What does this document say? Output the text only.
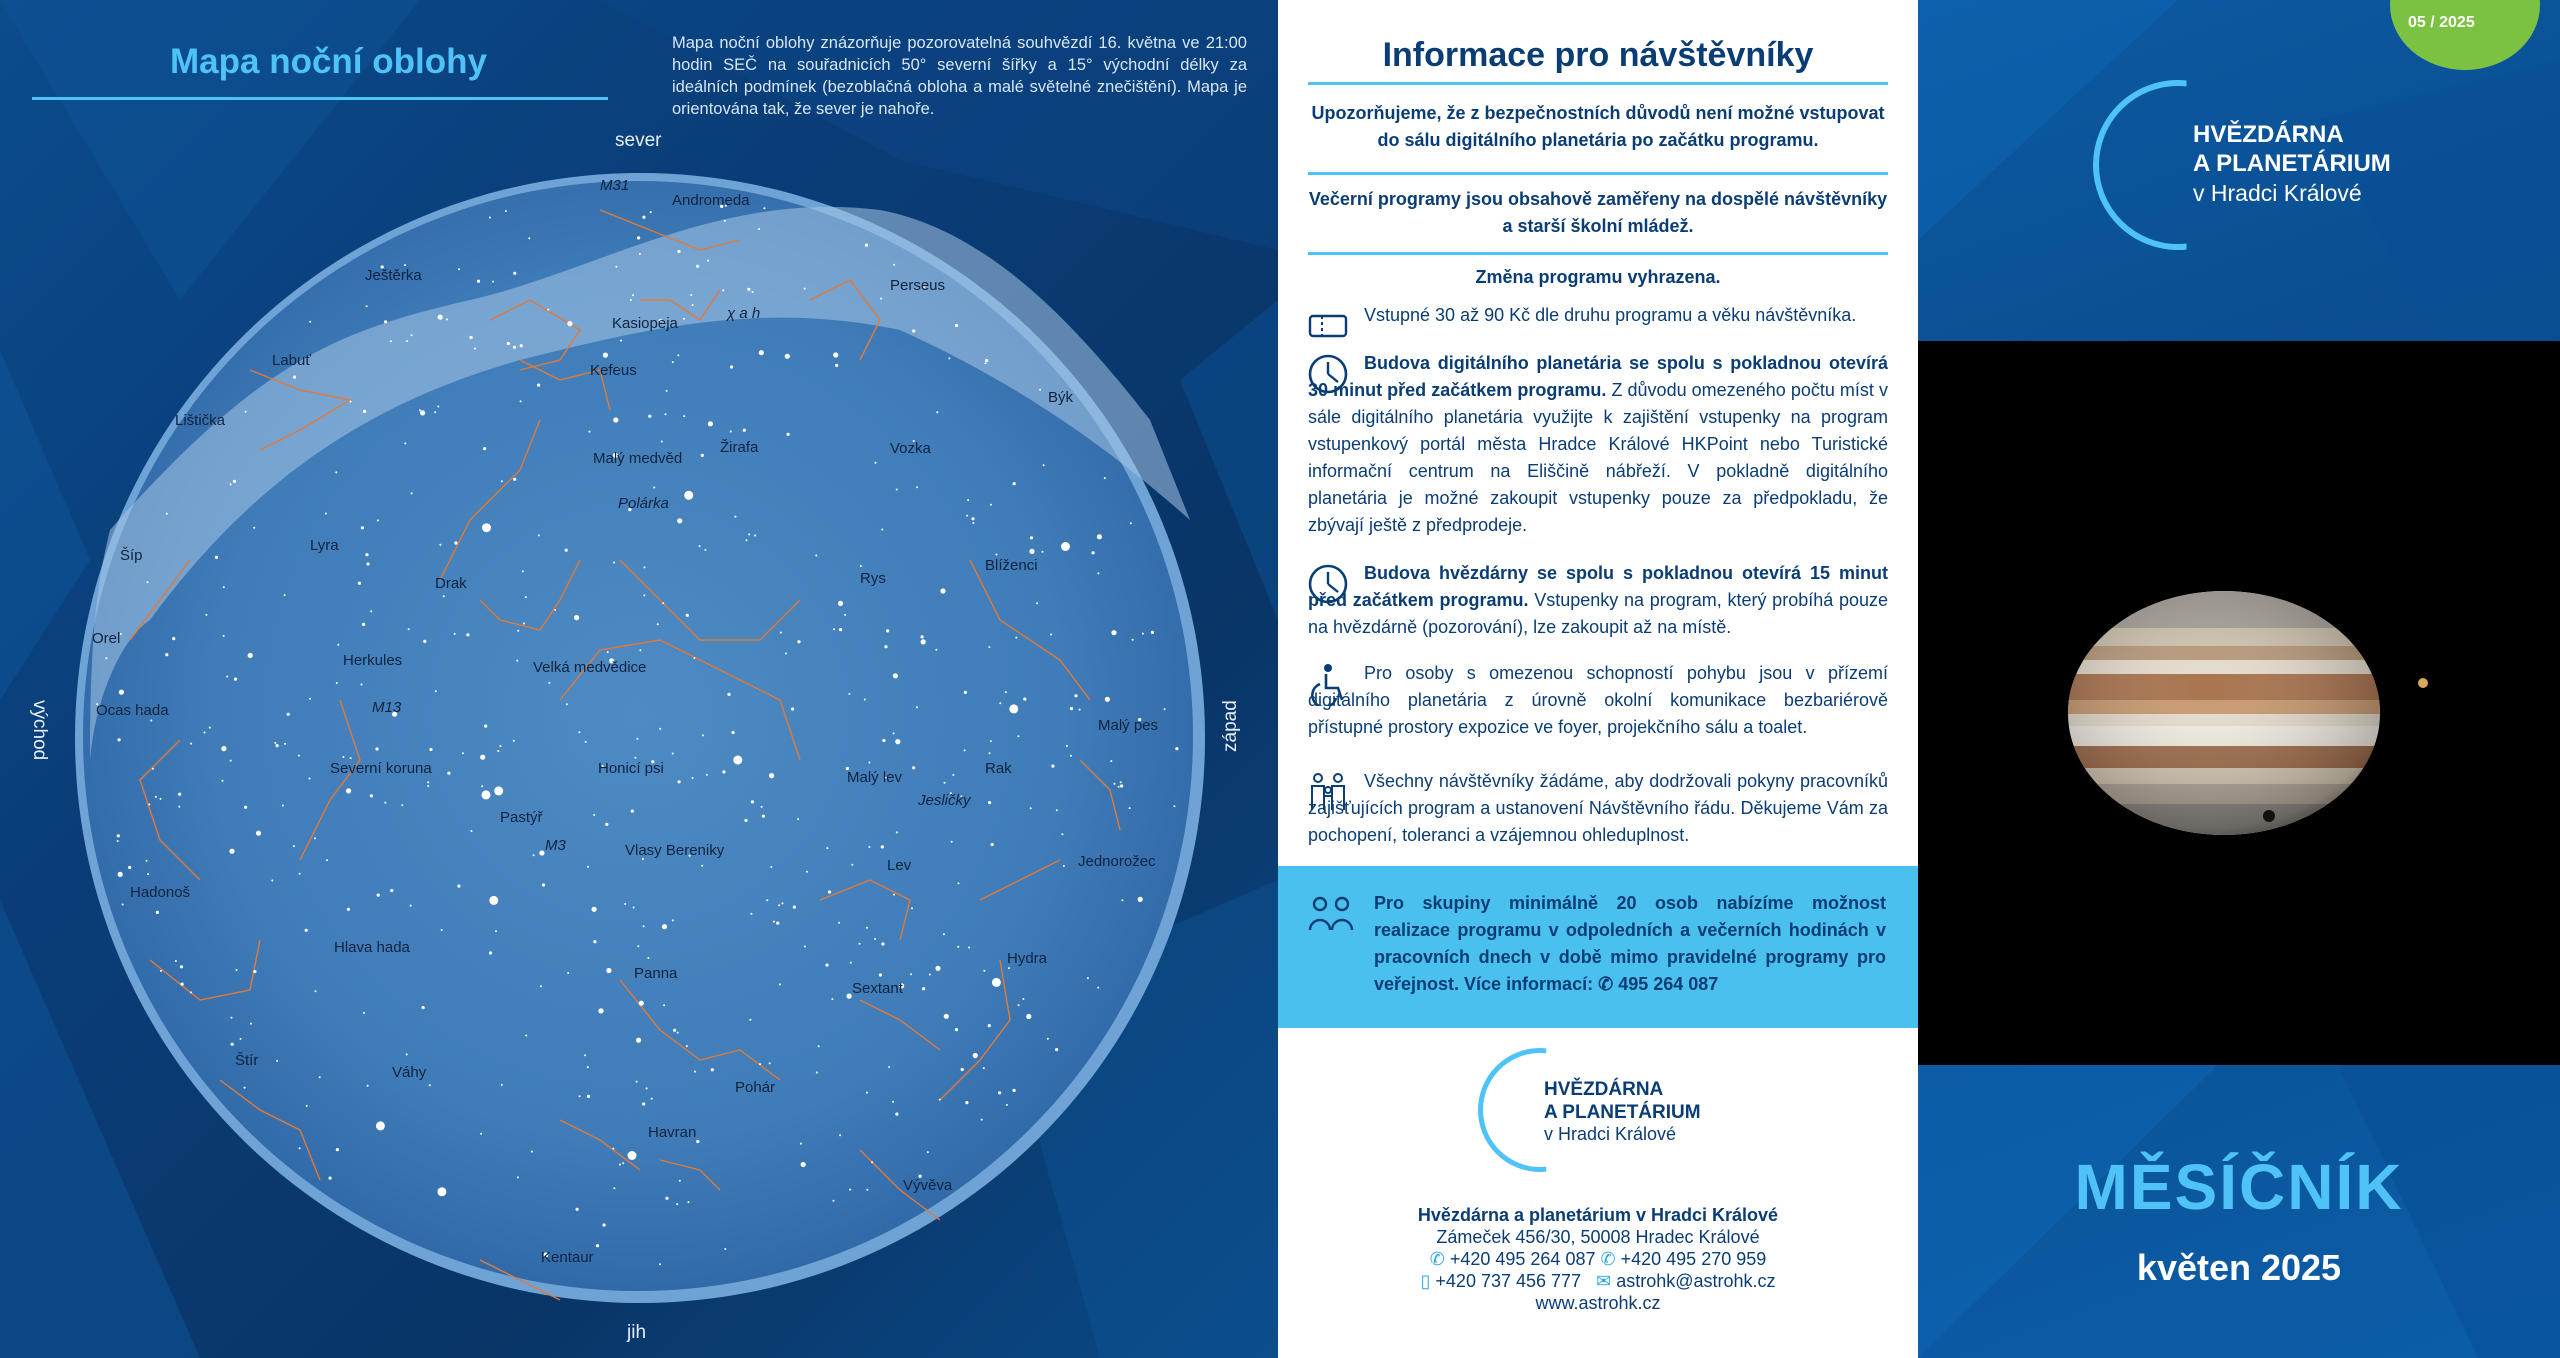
Mapa noční oblohy	Mapa noční oblohy znázorňuje pozorovatelná souhvězdí 16. května ve 21:00 hodin SEČ na souřadnicích 50° severní šířky a 15° východní délky za ideálních podmínek (bezoblačná obloha a malé světelné znečištění). Mapa je orientována tak, že sever je nahoře.
sever
jih
východ	západ
Andromeda
Ještěrka
Perseus
Kasiopeja
Labuť
Kefeus
Býk
Lištička
Malý medvěd
Žirafa	Vozka
Šíp
Lyra
Drak
Blíženci
Rys
Orel
Herkules	Velká medvědice
Ocas hada
Malý pes
Severní koruna	Honicí psi	Rak
Malý lev
Pastýř
Vlasy Bereniky
Jednorožec
Hadonoš
Lev
Hlava hada
Hydra
Panna
Sextant
Štír
Váhy
Pohár
Havran
Vývěva
Kentaur
M31
Polárka
χ a h
M13
M3
Jesličky
Informace pro návštěvníky
Upozorňujeme, že z bezpečnostních důvodů není možné vstupovat do sálu digitálního planetária po začátku programu.
Večerní programy jsou obsahově zaměřeny na dospělé návštěvníky a starší školní mládež.
Změna programu vyhrazena.
Vstupné 30 až 90 Kč dle druhu programu a věku návštěvníka.
Budova digitálního planetária se spolu s pokladnou otevírá 30 minut před začátkem programu. Z důvodu omezeného počtu míst v sále digitálního planetária využijte k zajištění vstupenky na program vstupenkový portál města Hradce Králové HKPoint nebo Turistické informační centrum na Eliščině nábřeží. V pokladně digitálního planetária je možné zakoupit vstupenky pouze za předpokladu, že zbývají ještě z předprodeje.
Budova hvězdárny se spolu s pokladnou otevírá 15 minut před začátkem programu. Vstupenky na program, který probíhá pouze na hvězdárně (pozorování), lze zakoupit až na místě.
Pro osoby s omezenou schopností pohybu jsou v přízemí digitálního planetária z úrovně okolní komunikace bezbariérově přístupné prostory expozice ve foyer, projekčního sálu a toalet.
Všechny návštěvníky žádáme, aby dodržovali pokyny pracovníků zajišťujících program a ustanovení Návštěvního řádu. Děkujeme Vám za pochopení, toleranci a vzájemnou ohleduplnost.
Pro skupiny minimálně 20 osob nabízíme možnost realizace programu v odpoledních a večerních hodinách v pracovních dnech v době mimo pravidelné programy pro veřejnost. Více informací: ✆ 495 264 087
HVĚZDÁRNA
A PLANETÁRIUM
v Hradci Králové
Hvězdárna a planetárium v Hradci Králové
Zámeček 456/30, 50008 Hradec Králové
✆ +420 495 264 087 ✆ +420 495 270 959
▯ +420 737 456 777 ✉ astrohk@astrohk.cz
www.astrohk.cz
05 / 2025
HVĚZDÁRNA
A PLANETÁRIUM
v Hradci Králové
MĚSÍČNÍK
květen 2025
